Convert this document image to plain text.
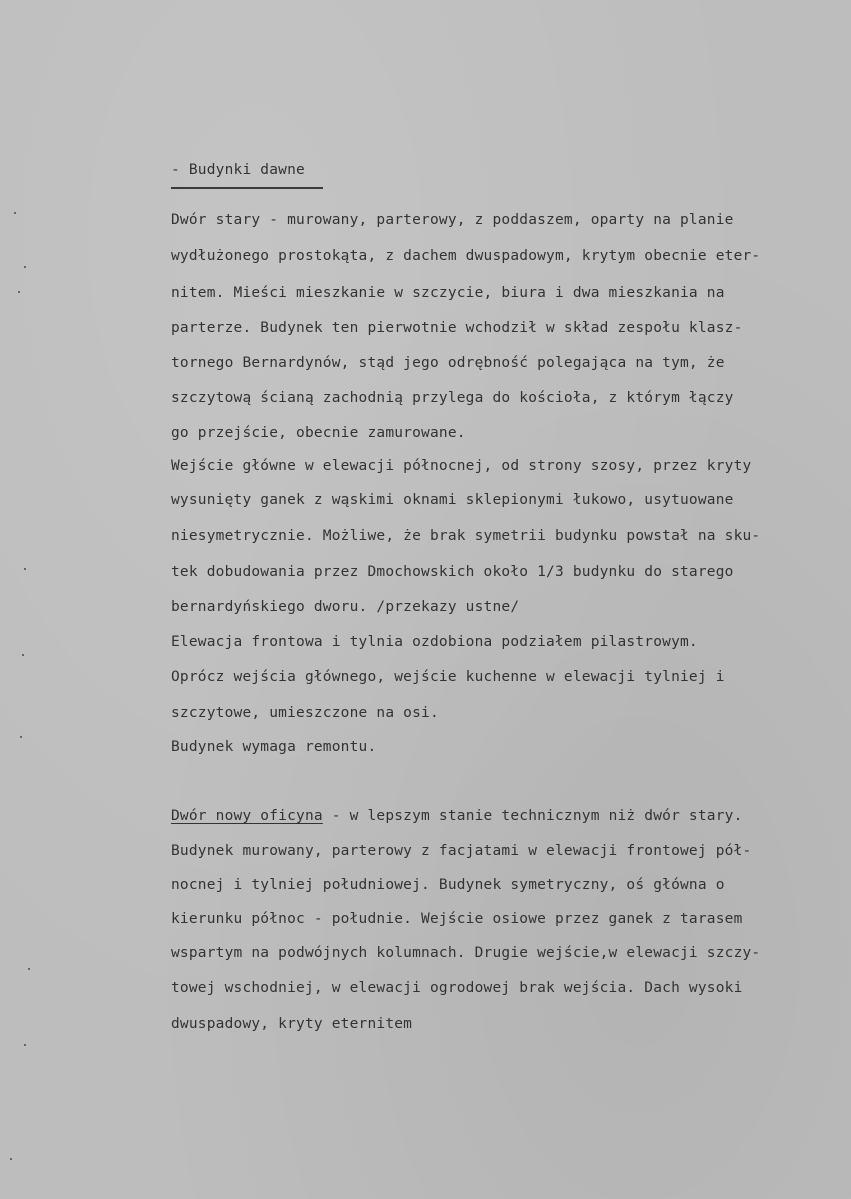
- Budynki dawne
Dwór stary - murowany, parterowy, z poddaszem, oparty na planie
wydłużonego prostokąta, z dachem dwuspadowym, krytym obecnie eter-
nitem. Mieści mieszkanie w szczycie, biura i dwa mieszkania na
parterze. Budynek ten pierwotnie wchodził w skład zespołu klasz-
tornego Bernardynów, stąd jego odrębność polegająca na tym, że
szczytową ścianą zachodnią przylega do kościoła, z którym łączy
go przejście, obecnie zamurowane.
Wejście główne w elewacji północnej, od strony szosy, przez kryty
wysunięty ganek z wąskimi oknami sklepionymi łukowo, usytuowane
niesymetrycznie. Możliwe, że brak symetrii budynku powstał na sku-
tek dobudowania przez Dmochowskich około 1/3 budynku do starego
bernardyńskiego dworu. /przekazy ustne/
Elewacja frontowa i tylnia ozdobiona podziałem pilastrowym.
Oprócz wejścia głównego, wejście kuchenne w elewacji tylniej i
szczytowe, umieszczone na osi.
Budynek wymaga remontu.
Dwór nowy oficyna - w lepszym stanie technicznym niż dwór stary.
Budynek murowany, parterowy z facjatami w elewacji frontowej pół-
nocnej i tylniej południowej. Budynek symetryczny, oś główna o
kierunku północ - południe. Wejście osiowe przez ganek z tarasem
wspartym na podwójnych kolumnach. Drugie wejście,w elewacji szczy-
towej wschodniej, w elewacji ogrodowej brak wejścia. Dach wysoki
dwuspadowy, kryty eternitem
